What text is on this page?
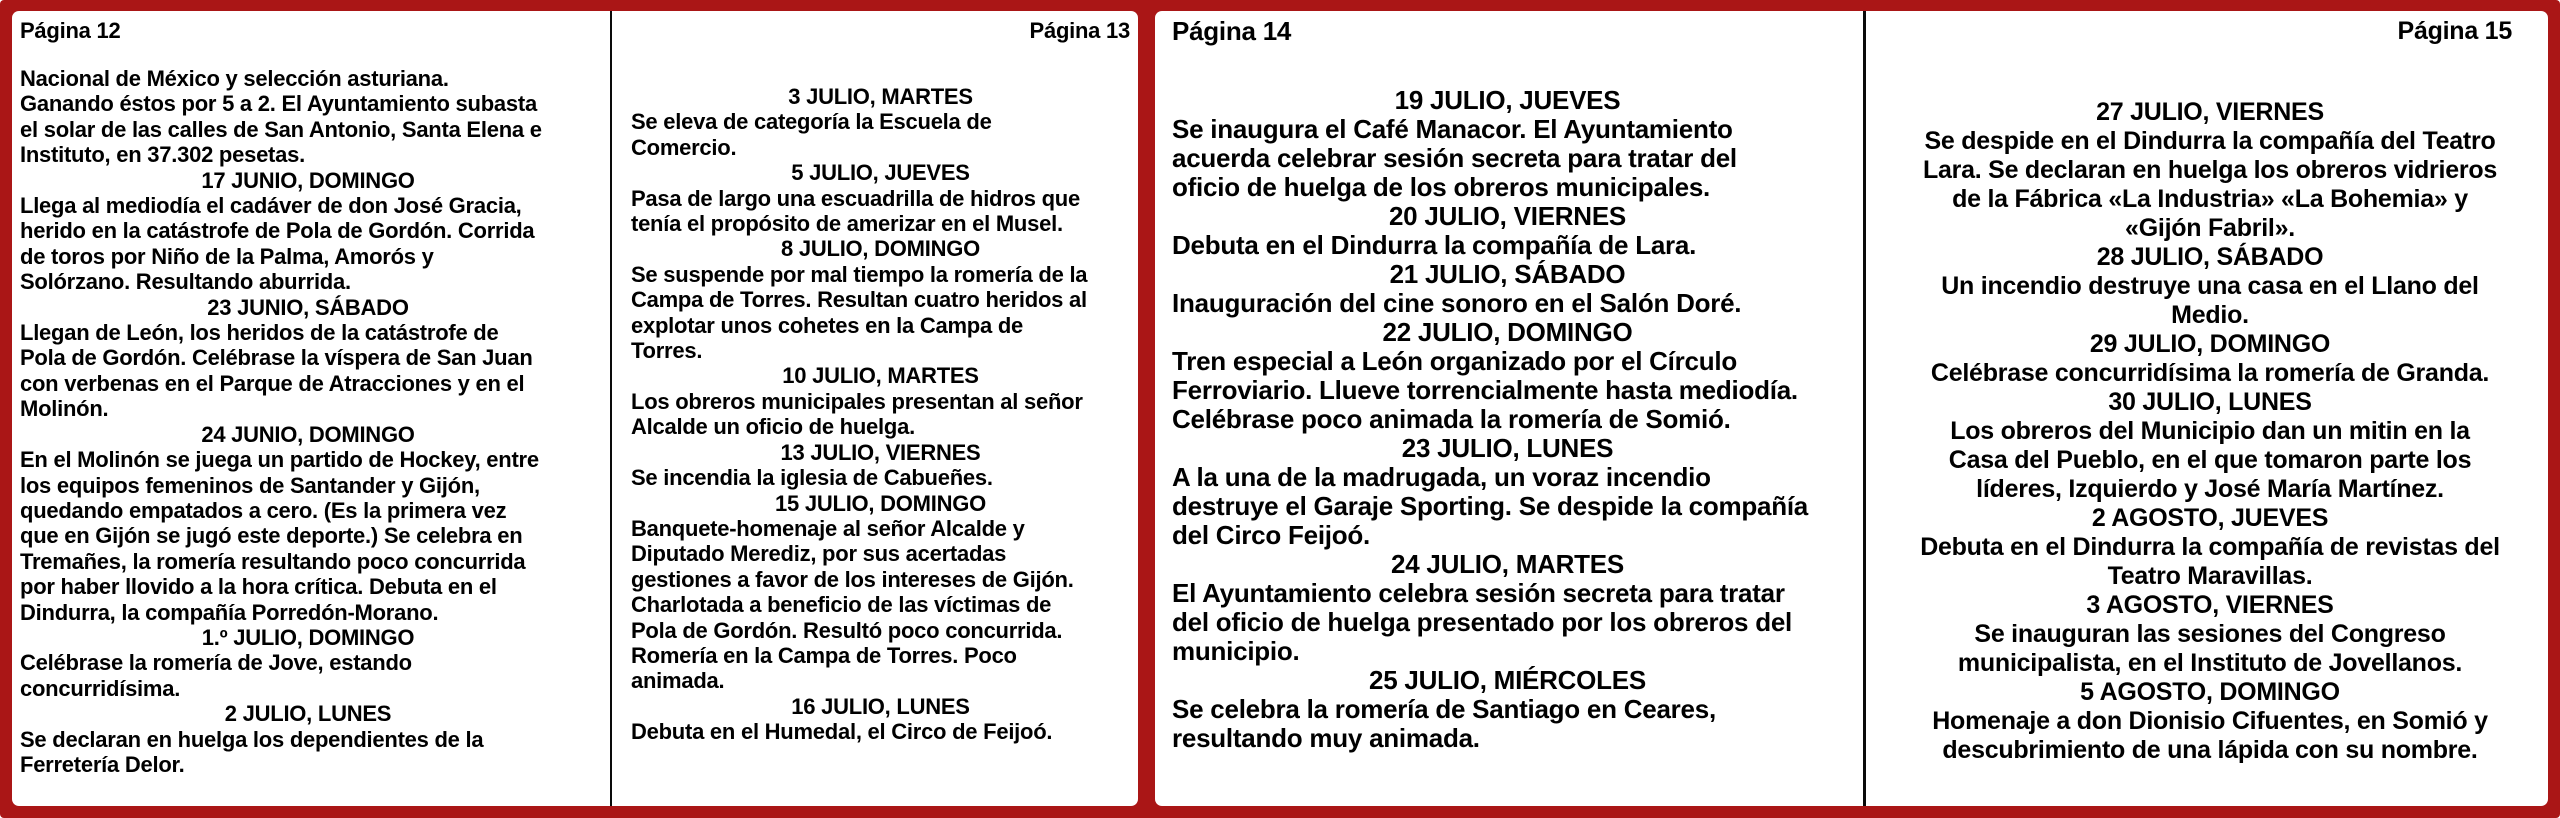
Página 12
Nacional de México y selección asturiana.
Ganando éstos por 5 a 2. El Ayuntamiento subasta
el solar de las calles de San Antonio, Santa Elena e
Instituto, en 37.302 pesetas.
17 JUNIO, DOMINGO
Llega al mediodía el cadáver de don José Gracia,
herido en la catástrofe de Pola de Gordón. Corrida
de toros por Niño de la Palma, Amorós y
Solórzano. Resultando aburrida.
23 JUNIO, SÁBADO
Llegan de León, los heridos de la catástrofe de
Pola de Gordón. Celébrase la víspera de San Juan
con verbenas en el Parque de Atracciones y en el
Molinón.
24 JUNIO, DOMINGO
En el Molinón se juega un partido de Hockey, entre
los equipos femeninos de Santander y Gijón,
quedando empatados a cero. (Es la primera vez
que en Gijón se jugó este deporte.) Se celebra en
Tremañes, la romería resultando poco concurrida
por haber llovido a la hora crítica. Debuta en el
Dindurra, la compañía Porredón-Morano.
1.º JULIO, DOMINGO
Celébrase la romería de Jove, estando
concurridísima.
2 JULIO, LUNES
Se declaran en huelga los dependientes de la
Ferretería Delor.
Página 13
3 JULIO, MARTES
Se eleva de categoría la Escuela de
Comercio.
5 JULIO, JUEVES
Pasa de largo una escuadrilla de hidros que
tenía el propósito de amerizar en el Musel.
8 JULIO, DOMINGO
Se suspende por mal tiempo la romería de la
Campa de Torres. Resultan cuatro heridos al
explotar unos cohetes en la Campa de
Torres.
10 JULIO, MARTES
Los obreros municipales presentan al señor
Alcalde un oficio de huelga.
13 JULIO, VIERNES
Se incendia la iglesia de Cabueñes.
15 JULIO, DOMINGO
Banquete-homenaje al señor Alcalde y
Diputado Merediz, por sus acertadas
gestiones a favor de los intereses de Gijón.
Charlotada a beneficio de las víctimas de
Pola de Gordón. Resultó poco concurrida.
Romería en la Campa de Torres. Poco
animada.
16 JULIO, LUNES
Debuta en el Humedal, el Circo de Feijoó.
Página 14
19 JULIO, JUEVES
Se inaugura el Café Manacor. El Ayuntamiento
acuerda celebrar sesión secreta para tratar del
oficio de huelga de los obreros municipales.
20 JULIO, VIERNES
Debuta en el Dindurra la compañía de Lara.
21 JULIO, SÁBADO
Inauguración del cine sonoro en el Salón Doré.
22 JULIO, DOMINGO
Tren especial a León organizado por el Círculo
Ferroviario. Llueve torrencialmente hasta mediodía.
Celébrase poco animada la romería de Somió.
23 JULIO, LUNES
A la una de la madrugada, un voraz incendio
destruye el Garaje Sporting. Se despide la compañía
del Circo Feijoó.
24 JULIO, MARTES
El Ayuntamiento celebra sesión secreta para tratar
del oficio de huelga presentado por los obreros del
municipio.
25 JULIO, MIÉRCOLES
Se celebra la romería de Santiago en Ceares,
resultando muy animada.
Página 15
27 JULIO, VIERNES
Se despide en el Dindurra la compañía del Teatro
Lara. Se declaran en huelga los obreros vidrieros
de la Fábrica «La Industria» «La Bohemia» y
«Gijón Fabril».
28 JULIO, SÁBADO
Un incendio destruye una casa en el Llano del
Medio.
29 JULIO, DOMINGO
Celébrase concurridísima la romería de Granda.
30 JULIO, LUNES
Los obreros del Municipio dan un mitin en la
Casa del Pueblo, en el que tomaron parte los
líderes, Izquierdo y José María Martínez.
2 AGOSTO, JUEVES
Debuta en el Dindurra la compañía de revistas del
Teatro Maravillas.
3 AGOSTO, VIERNES
Se inauguran las sesiones del Congreso
municipalista, en el Instituto de Jovellanos.
5 AGOSTO, DOMINGO
Homenaje a don Dionisio Cifuentes, en Somió y
descubrimiento de una lápida con su nombre.
